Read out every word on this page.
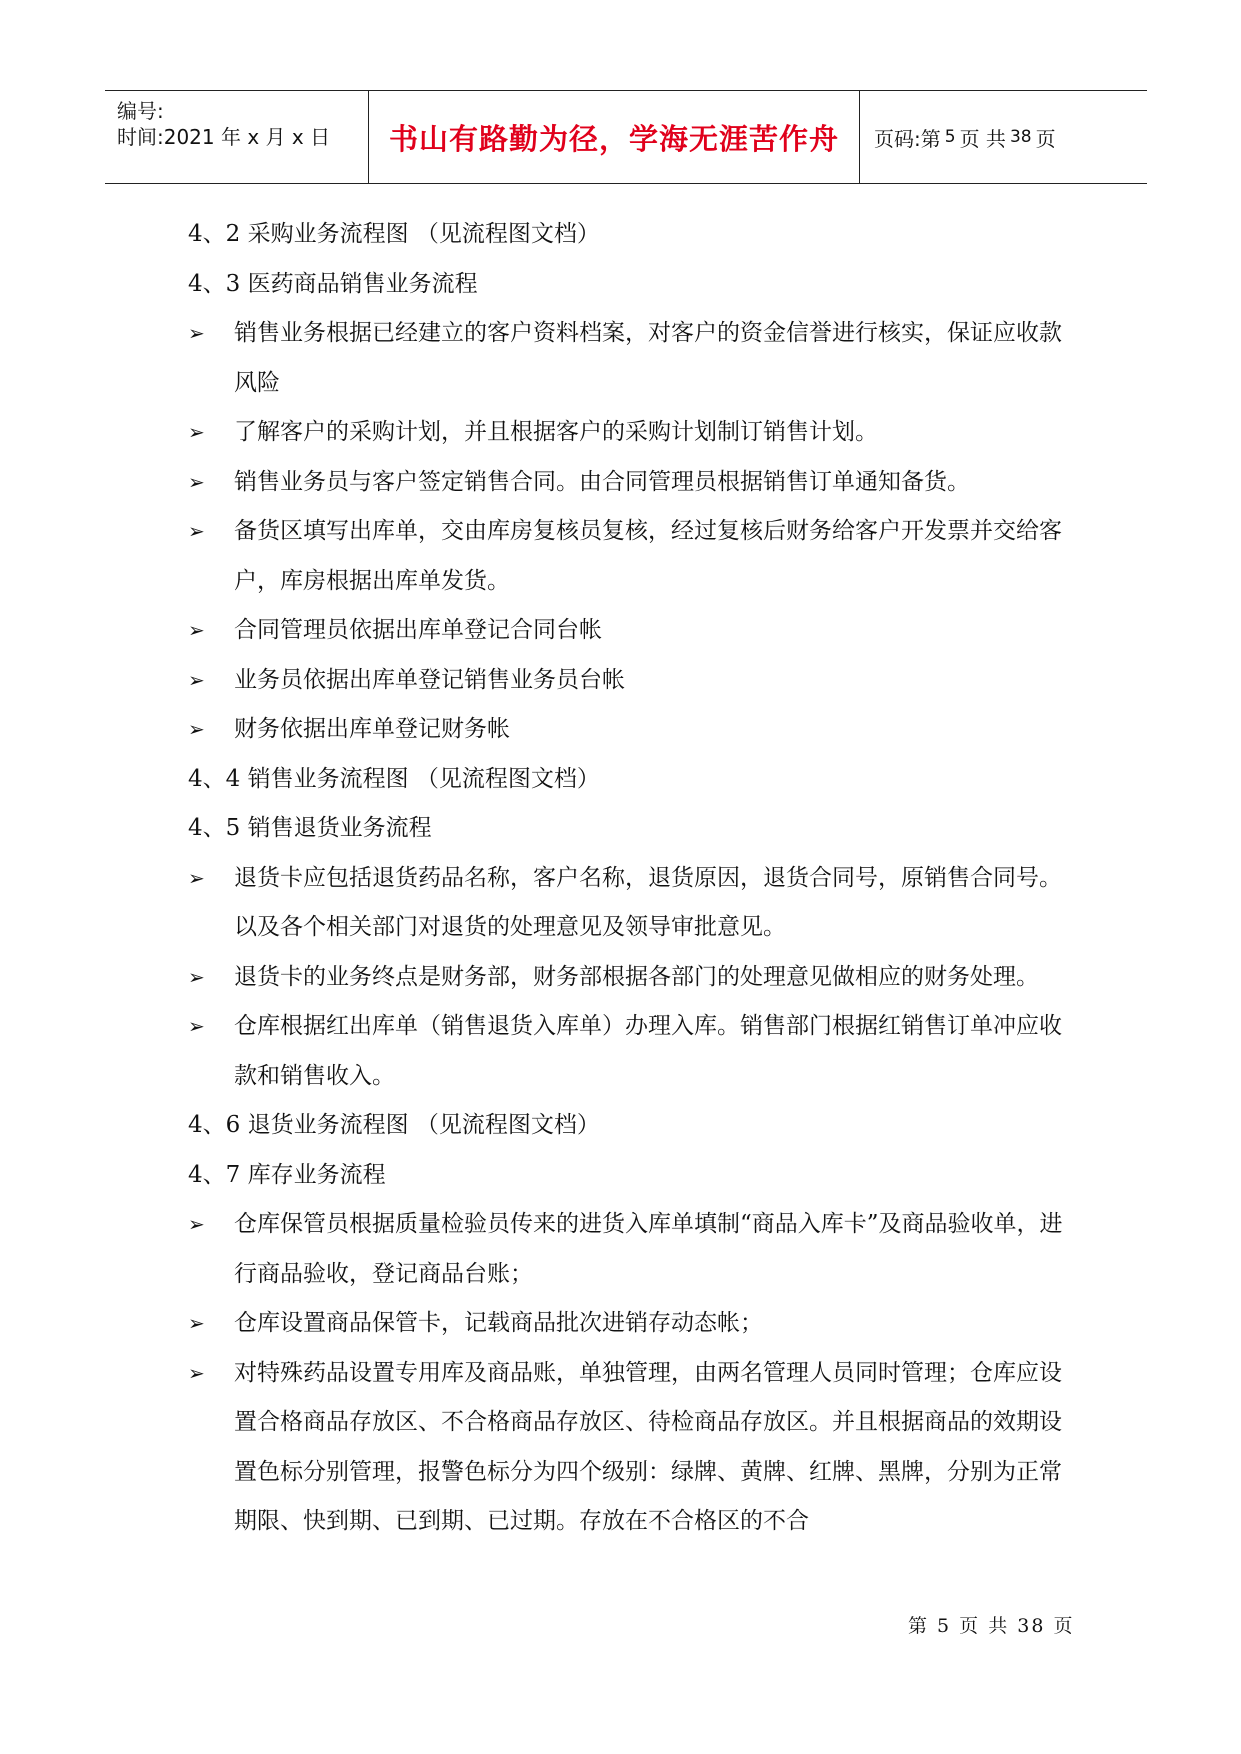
编号:
时间:2021 年 x 月 x 日	书山有路勤为径，学海无涯苦作舟	页码:第 5 页 共 38 页
4、2 采购业务流程图 （见流程图文档）
4、3 医药商品销售业务流程
➢ 销售业务根据已经建立的客户资料档案，对客户的资金信誉进行核实，保证应收款风险
➢ 了解客户的采购计划，并且根据客户的采购计划制订销售计划。
➢ 销售业务员与客户签定销售合同。由合同管理员根据销售订单通知备货。
➢ 备货区填写出库单，交由库房复核员复核，经过复核后财务给客户开发票并交给客户，库房根据出库单发货。
➢ 合同管理员依据出库单登记合同台帐
➢ 业务员依据出库单登记销售业务员台帐
➢ 财务依据出库单登记财务帐
4、4 销售业务流程图 （见流程图文档）
4、5 销售退货业务流程
➢ 退货卡应包括退货药品名称，客户名称，退货原因，退货合同号，原销售合同号。以及各个相关部门对退货的处理意见及领导审批意见。
➢ 退货卡的业务终点是财务部，财务部根据各部门的处理意见做相应的财务处理。
➢ 仓库根据红出库单（销售退货入库单）办理入库。销售部门根据红销售订单冲应收款和销售收入。
4、6 退货业务流程图 （见流程图文档）
4、7 库存业务流程
➢ 仓库保管员根据质量检验员传来的进货入库单填制“商品入库卡”及商品验收单，进行商品验收，登记商品台账；
➢ 仓库设置商品保管卡，记载商品批次进销存动态帐；
➢ 对特殊药品设置专用库及商品账，单独管理，由两名管理人员同时管理；仓库应设置合格商品存放区、不合格商品存放区、待检商品存放区。并且根据商品的效期设置色标分别管理，报警色标分为四个级别：绿牌、黄牌、红牌、黑牌，分别为正常期限、快到期、已到期、已过期。存放在不合格区的不合
第 5 页 共 38 页
